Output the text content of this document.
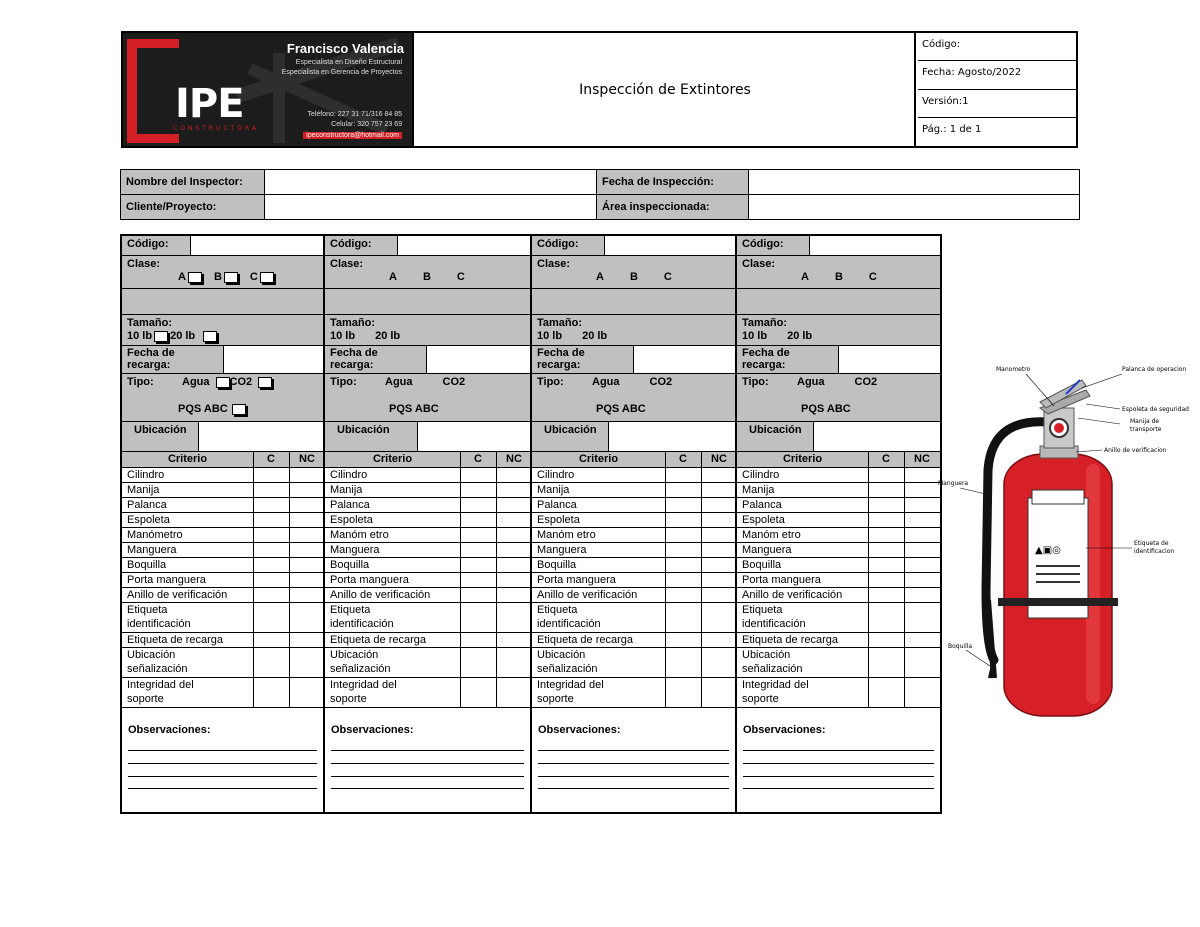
IPE
CONSTRUCTORA
Francisco Valencia
Especialista en Diseño Estructural
Especialista en Gerencia de Proyectos
Teléfono: 227 31 71/316 84 85
Celular: 320 757 23 69
ipeconstructora@hotmail.com
Inspección de Extintores
Código:
Fecha: Agosto/2022
Versión:1
Pág.: 1 de 1
Nombre del Inspector:		Fecha de Inspección:	
Cliente/Proyecto:		Área inspeccionada:	
Código:
Clase:
A	B	C
Tamaño:
10 lb 20 lb
Fecha de
recarga:
Tipo:	Agua CO2
PQS ABC
Ubicación
Criterio	C	NC
Cilindro
Manija
Palanca
Espoleta
Manómetro
Manguera
Boquilla
Porta manguera
Anillo de verificación
Etiqueta
identificación
Etiqueta de recarga
Ubicación
señalización
Integridad del
soporte
Observaciones:
Código:
Clase:
A B C
Tamaño:
10 lb 20 lb
Fecha de
recarga:
Tipo:	Agua	CO2
PQS ABC
Ubicación
Criterio	C	NC
Cilindro
Manija
Palanca
Espoleta
Manóm etro
Manguera
Boquilla
Porta manguera
Anillo de verificación
Etiqueta
identificación
Etiqueta de recarga
Ubicación
señalización
Integridad del
soporte
Observaciones:
Código:
Clase:
A B C
Tamaño:
10 lb 20 lb
Fecha de
recarga:
Tipo:	Agua	CO2
PQS ABC
Ubicación
Criterio	C	NC
Cilindro
Manija
Palanca
Espoleta
Manóm etro
Manguera
Boquilla
Porta manguera
Anillo de verificación
Etiqueta
identificación
Etiqueta de recarga
Ubicación
señalización
Integridad del
soporte
Observaciones:
Código:
Clase:
A B C
Tamaño:
10 lb 20 lb
Fecha de
recarga:
Tipo:	Agua	CO2
PQS ABC
Ubicación
Criterio	C	NC
Cilindro
Manija
Palanca
Espoleta
Manóm etro
Manguera
Boquilla
Porta manguera
Anillo de verificación
Etiqueta
identificación
Etiqueta de recarga
Ubicación
señalización
Integridad del
soporte
Observaciones:
▲▣◎
Manometro	Palanca de operacion
Espoleta de seguridad
Manija de
transporte
Anillo de verificacion
Manguera
Etiqueta de
identificacion
Boquilla
